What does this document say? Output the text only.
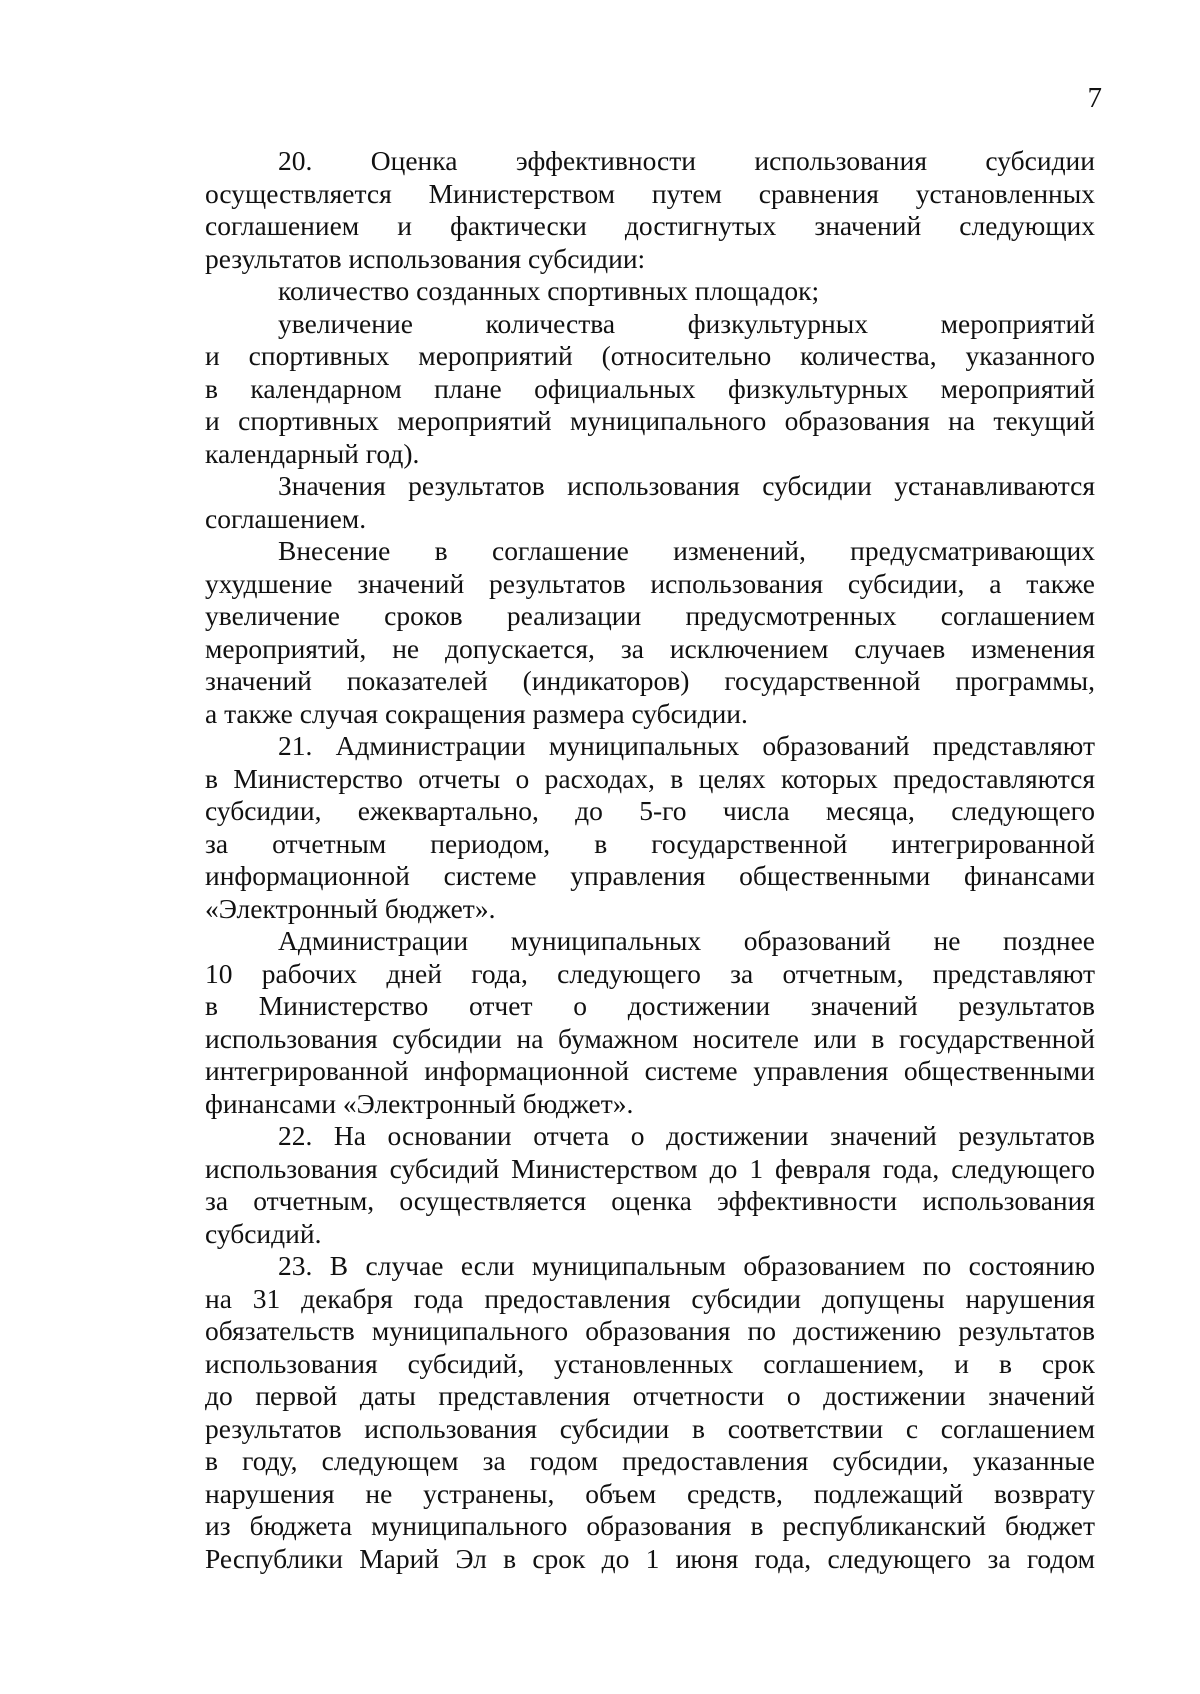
7
20. Оценка эффективности использования субсидии
осуществляется Министерством путем сравнения установленных
соглашением и фактически достигнутых значений следующих
результатов использования субсидии:
количество созданных спортивных площадок;
увеличение количества физкультурных мероприятий
и спортивных мероприятий (относительно количества, указанного
в календарном плане официальных физкультурных мероприятий
и спортивных мероприятий муниципального образования на текущий
календарный год).
Значения результатов использования субсидии устанавливаются
соглашением.
Внесение в соглашение изменений, предусматривающих
ухудшение значений результатов использования субсидии, а также
увеличение сроков реализации предусмотренных соглашением
мероприятий, не допускается, за исключением случаев изменения
значений показателей (индикаторов) государственной программы,
а также случая сокращения размера субсидии.
21. Администрации муниципальных образований представляют
в Министерство отчеты о расходах, в целях которых предоставляются
субсидии, ежеквартально, до 5-го числа месяца, следующего
за отчетным периодом, в государственной интегрированной
информационной системе управления общественными финансами
«Электронный бюджет».
Администрации муниципальных образований не позднее
10 рабочих дней года, следующего за отчетным, представляют
в Министерство отчет о достижении значений результатов
использования субсидии на бумажном носителе или в государственной
интегрированной информационной системе управления общественными
финансами «Электронный бюджет».
22. На основании отчета о достижении значений результатов
использования субсидий Министерством до 1 февраля года, следующего
за отчетным, осуществляется оценка эффективности использования
субсидий.
23. В случае если муниципальным образованием по состоянию
на 31 декабря года предоставления субсидии допущены нарушения
обязательств муниципального образования по достижению результатов
использования субсидий, установленных соглашением, и в срок
до первой даты представления отчетности о достижении значений
результатов использования субсидии в соответствии с соглашением
в году, следующем за годом предоставления субсидии, указанные
нарушения не устранены, объем средств, подлежащий возврату
из бюджета муниципального образования в республиканский бюджет
Республики Марий Эл в срок до 1 июня года, следующего за годом
